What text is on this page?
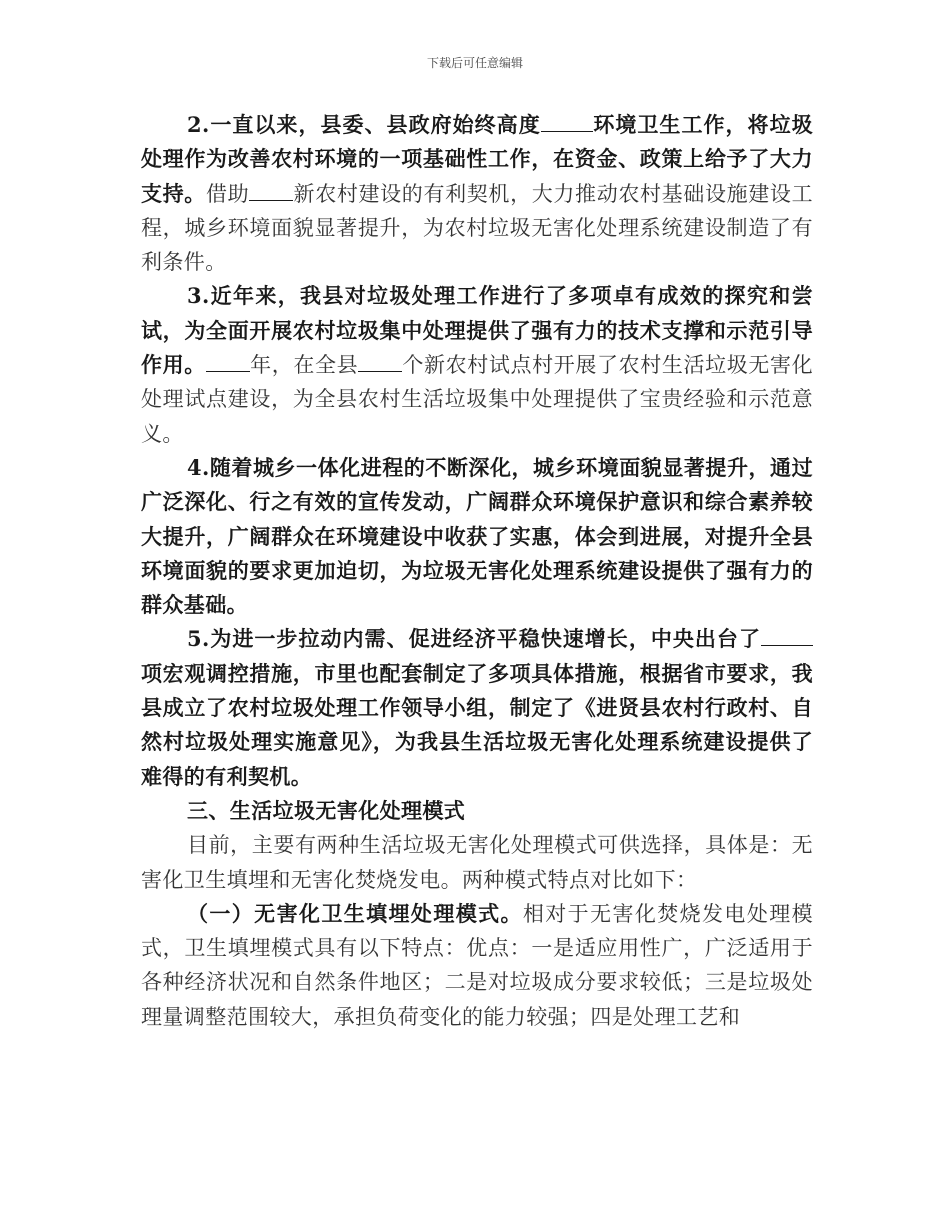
下载后可任意编辑

2.一直以来，县委、县政府始终高度 环境卫生工作，将垃圾处理作为改善农村环境的一项基础性工作，在资金、政策上给予了大力支持。借助 新农村建设的有利契机，大力推动农村基础设施建设工程，城乡环境面貌显著提升，为农村垃圾无害化处理系统建设制造了有利条件。

3.近年来，我县对垃圾处理工作进行了多项卓有成效的探究和尝试，为全面开展农村垃圾集中处理提供了强有力的技术支撑和示范引导作用。 年，在全县 个新农村试点村开展了农村生活垃圾无害化处理试点建设，为全县农村生活垃圾集中处理提供了宝贵经验和示范意义。

4.随着城乡一体化进程的不断深化，城乡环境面貌显著提升，通过广泛深化、行之有效的宣传发动，广阔群众环境保护意识和综合素养较大提升，广阔群众在环境建设中收获了实惠，体会到进展，对提升全县环境面貌的要求更加迫切，为垃圾无害化处理系统建设提供了强有力的群众基础。

5.为进一步拉动内需、促进经济平稳快速增长，中央出台了项宏观调控措施，市里也配套制定了多项具体措施，根据省市要求，我县成立了农村垃圾处理工作领导小组，制定了《进贤县农村行政村、自然村垃圾处理实施意见》，为我县生活垃圾无害化处理系统建设提供了难得的有利契机。

三、生活垃圾无害化处理模式

目前，主要有两种生活垃圾无害化处理模式可供选择，具体是：无害化卫生填埋和无害化焚烧发电。两种模式特点对比如下：

（一）无害化卫生填埋处理模式。相对于无害化焚烧发电处理模式，卫生填埋模式具有以下特点：优点：一是适应用性广，广泛适用于各种经济状况和自然条件地区；二是对垃圾成分要求较低；三是垃圾处理量调整范围较大，承担负荷变化的能力较强；四是处理工艺和
